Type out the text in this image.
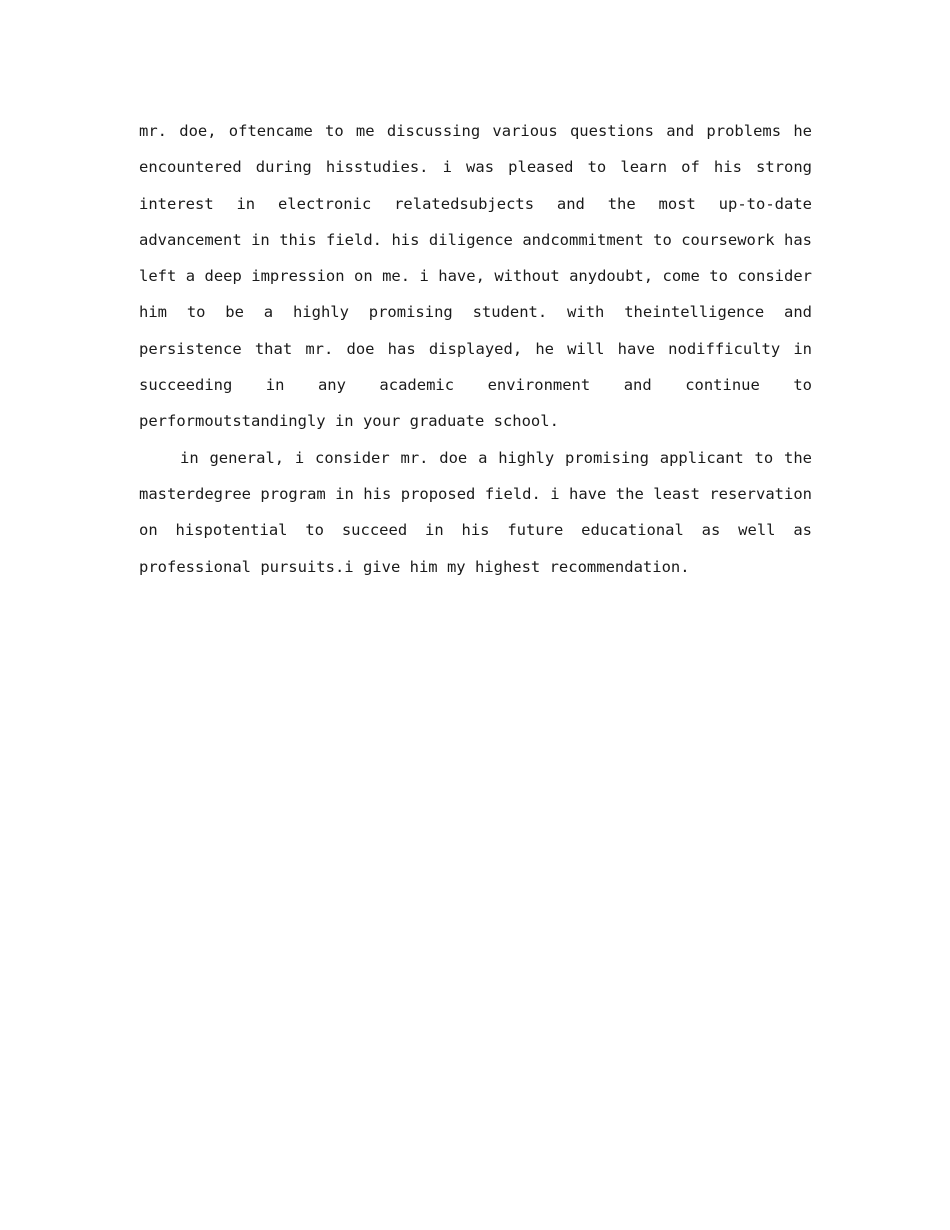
mr. doe, oftencame to me discussing various questions and problems he encountered during hisstudies. i was pleased to learn of his strong interest in electronic relatedsubjects and the most up-to-date advancement in this field. his diligence andcommitment to coursework has left a deep impression on me. i have, without anydoubt, come to consider him to be a highly promising student. with theintelligence and persistence that mr. doe has displayed, he will have nodifficulty in succeeding in any academic environment and continue to performoutstandingly in your graduate school.

in general, i consider mr. doe a highly promising applicant to the masterdegree program in his proposed field. i have the least reservation on hispotential to succeed in his future educational as well as professional pursuits.i give him my highest recommendation.
